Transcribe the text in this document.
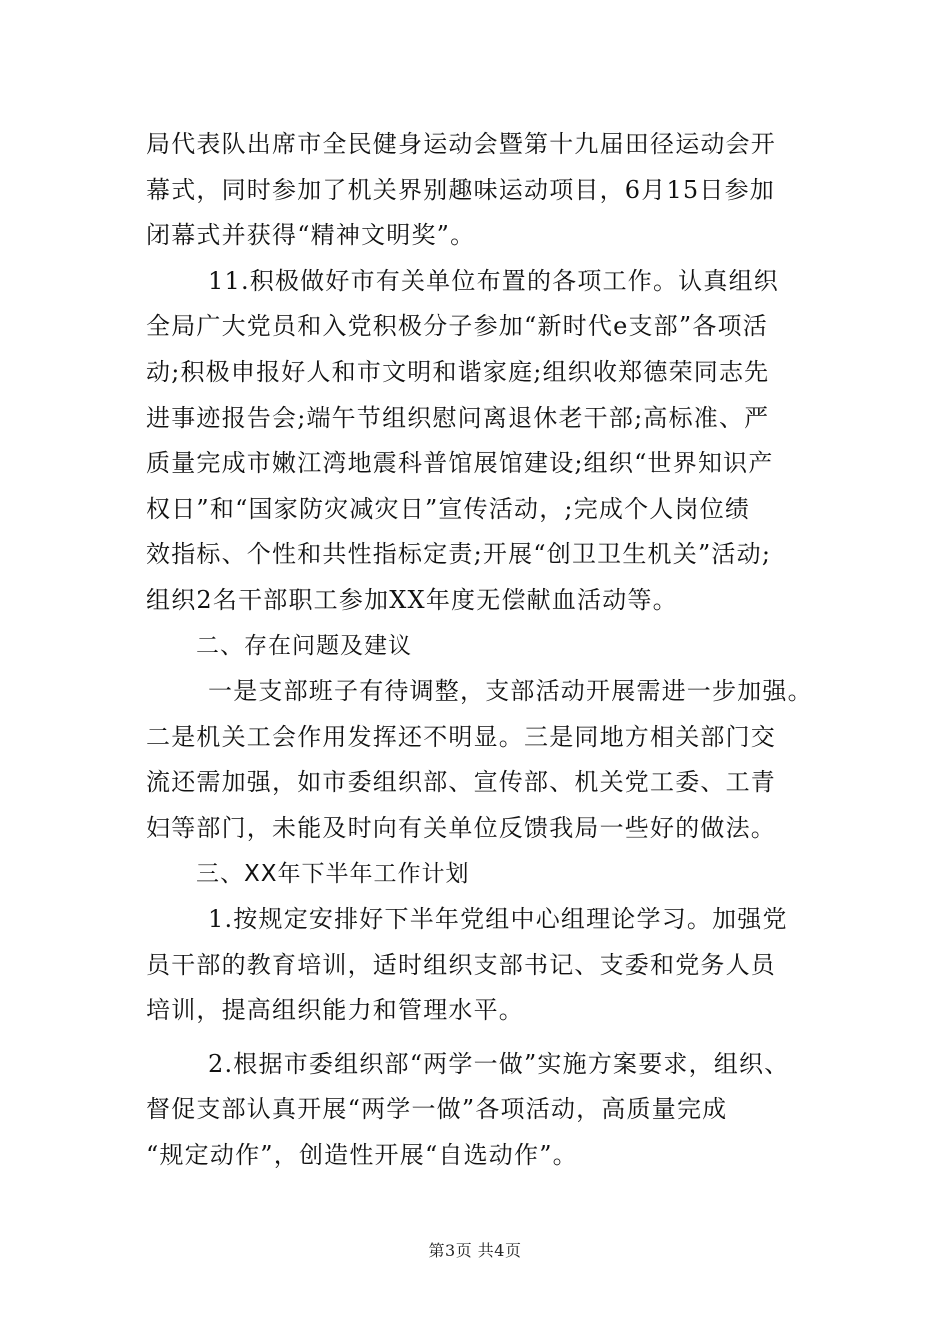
局代表队出席市全民健身运动会暨第十九届田径运动会开
幕式，同时参加了机关界别趣味运动项目，6月15日参加
闭幕式并获得“精神文明奖”。
11.积极做好市有关单位布置的各项工作。认真组织
全局广大党员和入党积极分子参加“新时代e支部”各项活
动;积极申报好人和市文明和谐家庭;组织收郑德荣同志先
进事迹报告会;端午节组织慰问离退休老干部;高标准、严
质量完成市嫩江湾地震科普馆展馆建设;组织“世界知识产
权日”和“国家防灾减灾日”宣传活动，;完成个人岗位绩
效指标、个性和共性指标定责;开展“创卫卫生机关”活动;
组织2名干部职工参加XX年度无偿献血活动等。
二、存在问题及建议
一是支部班子有待调整，支部活动开展需进一步加强。
二是机关工会作用发挥还不明显。三是同地方相关部门交
流还需加强，如市委组织部、宣传部、机关党工委、工青
妇等部门，未能及时向有关单位反馈我局一些好的做法。
三、XX年下半年工作计划
1.按规定安排好下半年党组中心组理论学习。加强党
员干部的教育培训，适时组织支部书记、支委和党务人员
培训，提高组织能力和管理水平。
2.根据市委组织部“两学一做”实施方案要求，组织、
督促支部认真开展“两学一做”各项活动，高质量完成
“规定动作”，创造性开展“自选动作”。
第3页 共4页
